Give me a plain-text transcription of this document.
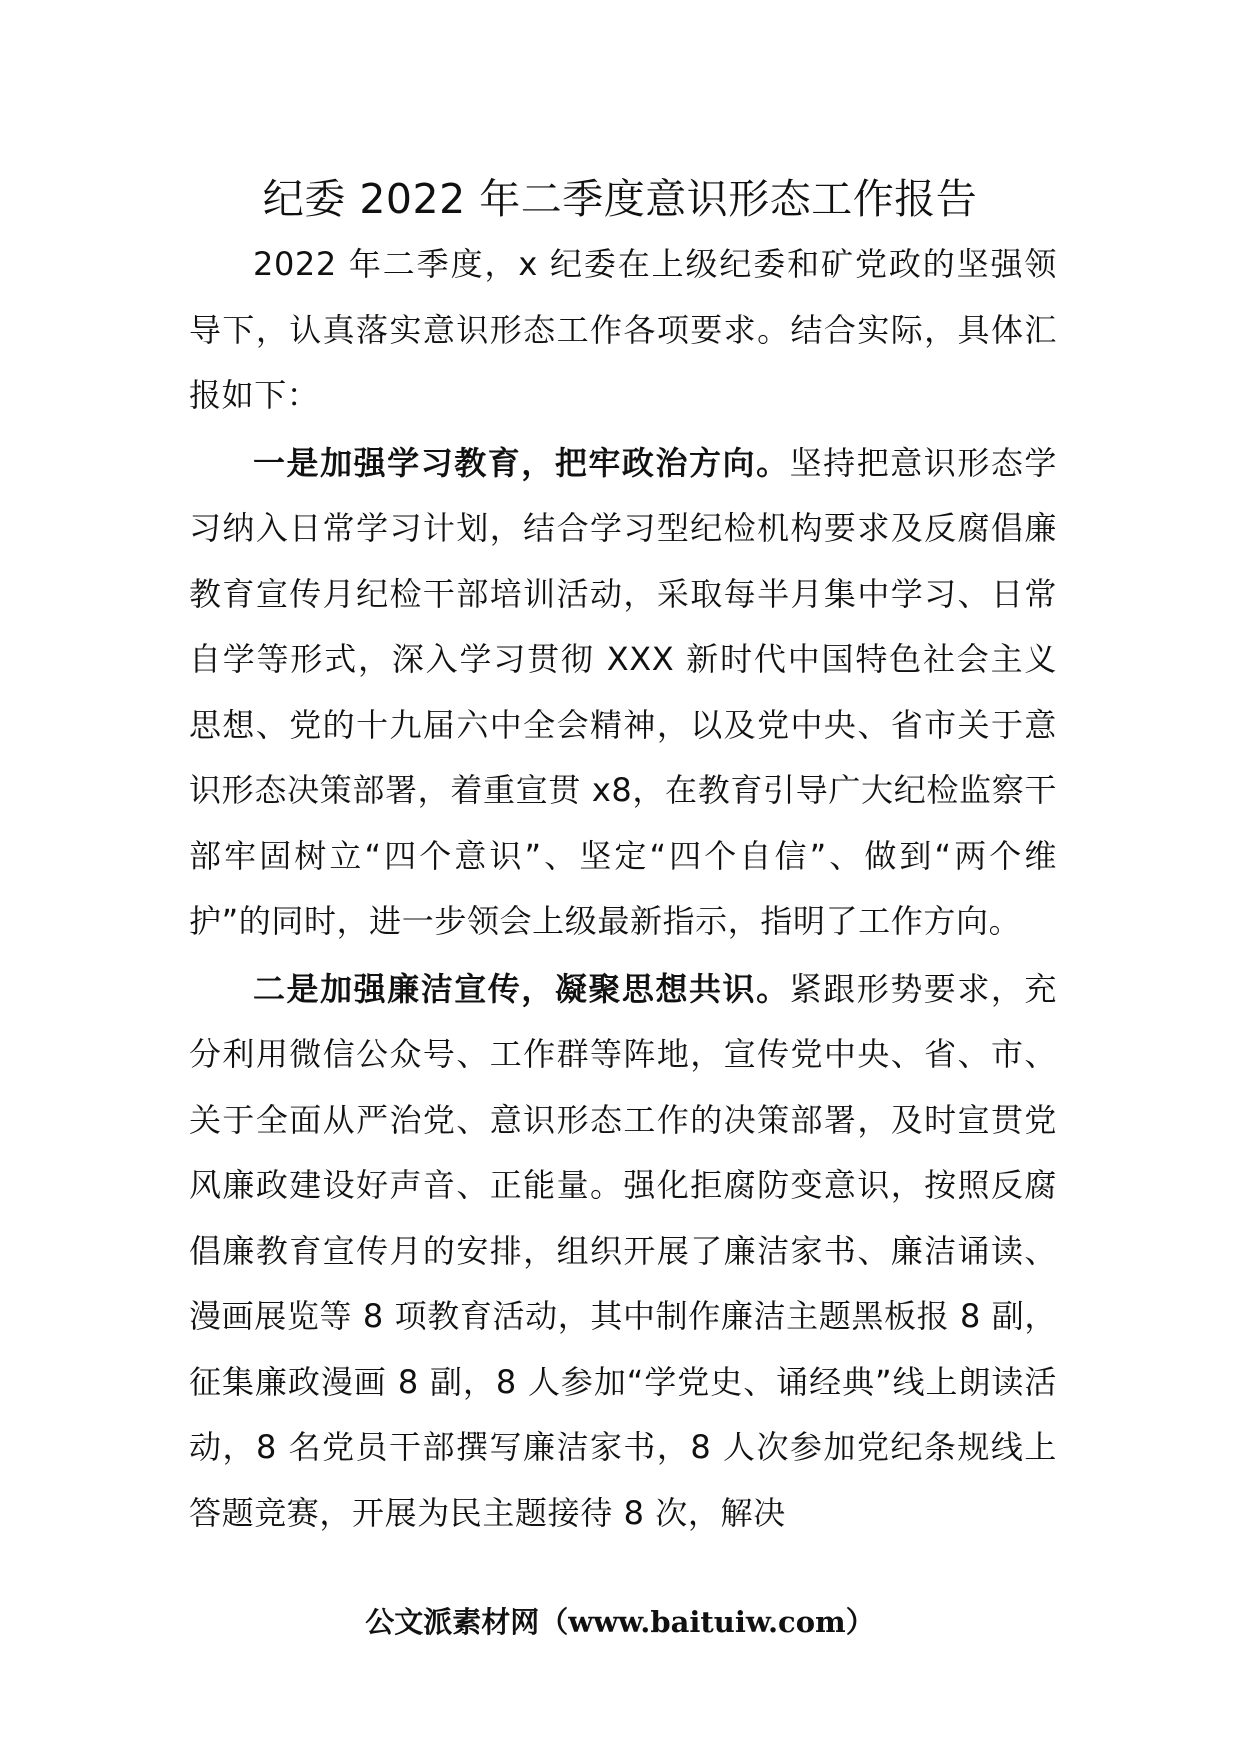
纪委 2022 年二季度意识形态工作报告

2022 年二季度，x 纪委在上级纪委和矿党政的坚强领导下，认真落实意识形态工作各项要求。结合实际，具体汇报如下：

一是加强学习教育，把牢政治方向。坚持把意识形态学习纳入日常学习计划，结合学习型纪检机构要求及反腐倡廉教育宣传月纪检干部培训活动，采取每半月集中学习、日常自学等形式，深入学习贯彻 XXX 新时代中国特色社会主义思想、党的十九届六中全会精神，以及党中央、省市关于意识形态决策部署，着重宣贯 x8，在教育引导广大纪检监察干部牢固树立“四个意识”、坚定“四个自信”、做到“两个维护”的同时，进一步领会上级最新指示，指明了工作方向。

二是加强廉洁宣传，凝聚思想共识。紧跟形势要求，充分利用微信公众号、工作群等阵地，宣传党中央、省、市、关于全面从严治党、意识形态工作的决策部署，及时宣贯党风廉政建设好声音、正能量。强化拒腐防变意识，按照反腐倡廉教育宣传月的安排，组织开展了廉洁家书、廉洁诵读、漫画展览等 8 项教育活动，其中制作廉洁主题黑板报 8 副，征集廉政漫画 8 副，8 人参加“学党史、诵经典”线上朗读活动，8 名党员干部撰写廉洁家书，8 人次参加党纪条规线上答题竞赛，开展为民主题接待 8 次，解决

公文派素材网（www.baituiw.com）
